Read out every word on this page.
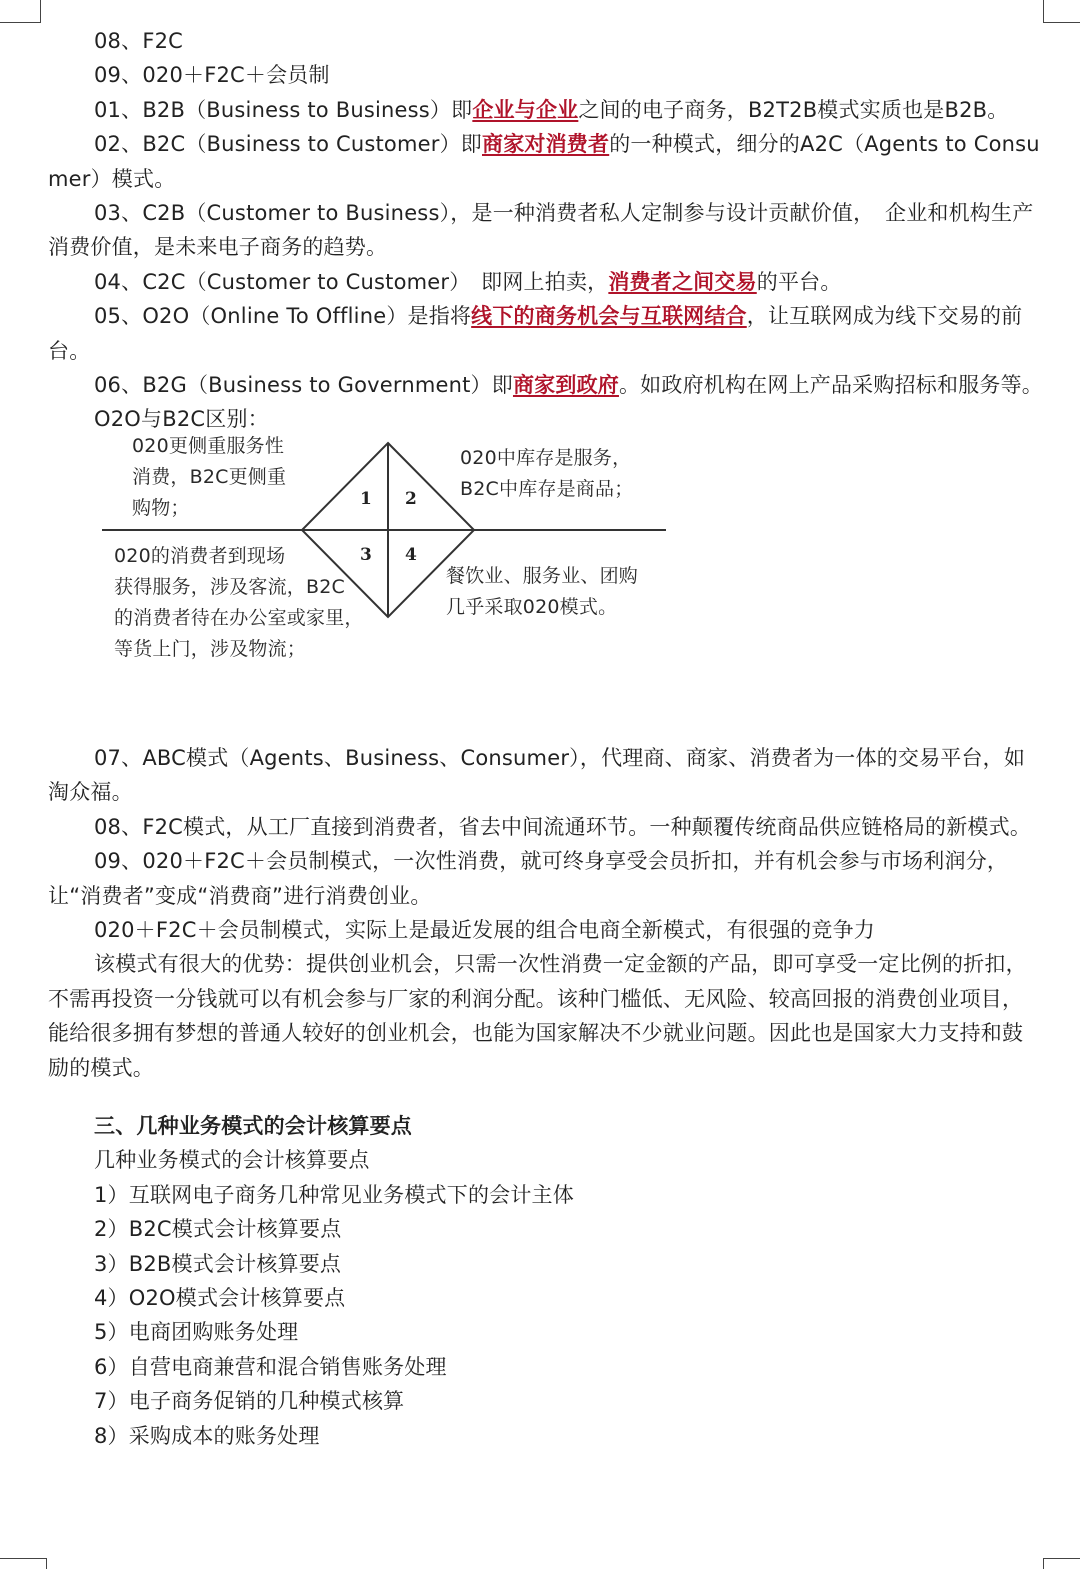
08、F2C

09、020＋F2C＋会员制

01、B2B（Business to Business）即企业与企业之间的电子商务，B2T2B模式实质也是B2B。

02、B2C（Business to Customer）即商家对消费者的一种模式，细分的A2C（Agents to Consumer）模式。

03、C2B（Customer to Business），是一种消费者私人定制参与设计贡献价值，　企业和机构生产消费价值，是未来电子商务的趋势。

04、C2C（Customer to Customer）　即网上拍卖，消费者之间交易的平台。

05、O2O（Online To Offline）是指将线下的商务机会与互联网结合，让互联网成为线下交易的前台。

06、B2G（Business to Government）即商家到政府。如政府机构在网上产品采购招标和服务等。

O2O与B2C区别：

1 2
3 4
020更侧重服务性
消费，B2C更侧重
购物；
020中库存是服务，
B2C中库存是商品；
020的消费者到现场
获得服务，涉及客流，B2C
的消费者待在办公室或家里，
等货上门，涉及物流；
餐饮业、服务业、团购
几乎采取020模式。

07、ABC模式（Agents、Business、Consumer），代理商、商家、消费者为一体的交易平台，如淘众福。

08、F2C模式，从工厂直接到消费者，省去中间流通环节。一种颠覆传统商品供应链格局的新模式。

09、020＋F2C＋会员制模式，一次性消费，就可终身享受会员折扣，并有机会参与市场利润分，让“消费者”变成“消费商”进行消费创业。

020＋F2C＋会员制模式，实际上是最近发展的组合电商全新模式，有很强的竞争力

该模式有很大的优势：提供创业机会，只需一次性消费一定金额的产品，即可享受一定比例的折扣，不需再投资一分钱就可以有机会参与厂家的利润分配。该种门槛低、无风险、较高回报的消费创业项目，能给很多拥有梦想的普通人较好的创业机会，也能为国家解决不少就业问题。因此也是国家大力支持和鼓励的模式。

三、几种业务模式的会计核算要点

几种业务模式的会计核算要点

1）互联网电子商务几种常见业务模式下的会计主体

2）B2C模式会计核算要点

3）B2B模式会计核算要点

4）O2O模式会计核算要点

5）电商团购账务处理

6）自营电商兼营和混合销售账务处理

7）电子商务促销的几种模式核算

8）采购成本的账务处理
